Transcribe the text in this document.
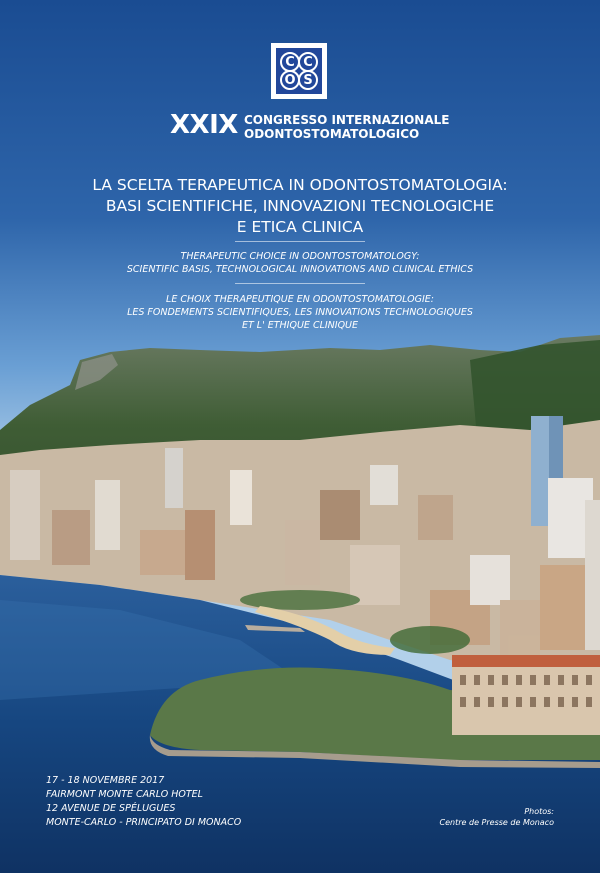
C C
O S
XXIX CONGRESSO INTERNAZIONALE
ODONTOSTOMATOLOGICO
LA SCELTA TERAPEUTICA IN ODONTOSTOMATOLOGIA:
BASI SCIENTIFICHE, INNOVAZIONI TECNOLOGICHE
E ETICA CLINICA
THERAPEUTIC CHOICE IN ODONTOSTOMATOLOGY:
SCIENTIFIC BASIS, TECHNOLOGICAL INNOVATIONS AND CLINICAL ETHICS
LE CHOIX THERAPEUTIQUE EN ODONTOSTOMATOLOGIE:
LES FONDEMENTS SCIENTIFIQUES, LES INNOVATIONS TECHNOLOGIQUES
ET L' ETHIQUE CLINIQUE
17 - 18 NOVEMBRE 2017
FAIRMONT MONTE CARLO HOTEL
12 AVENUE DE SPÉLUGUES
MONTE-CARLO - PRINCIPATO DI MONACO
Photos:
Centre de Presse de Monaco
